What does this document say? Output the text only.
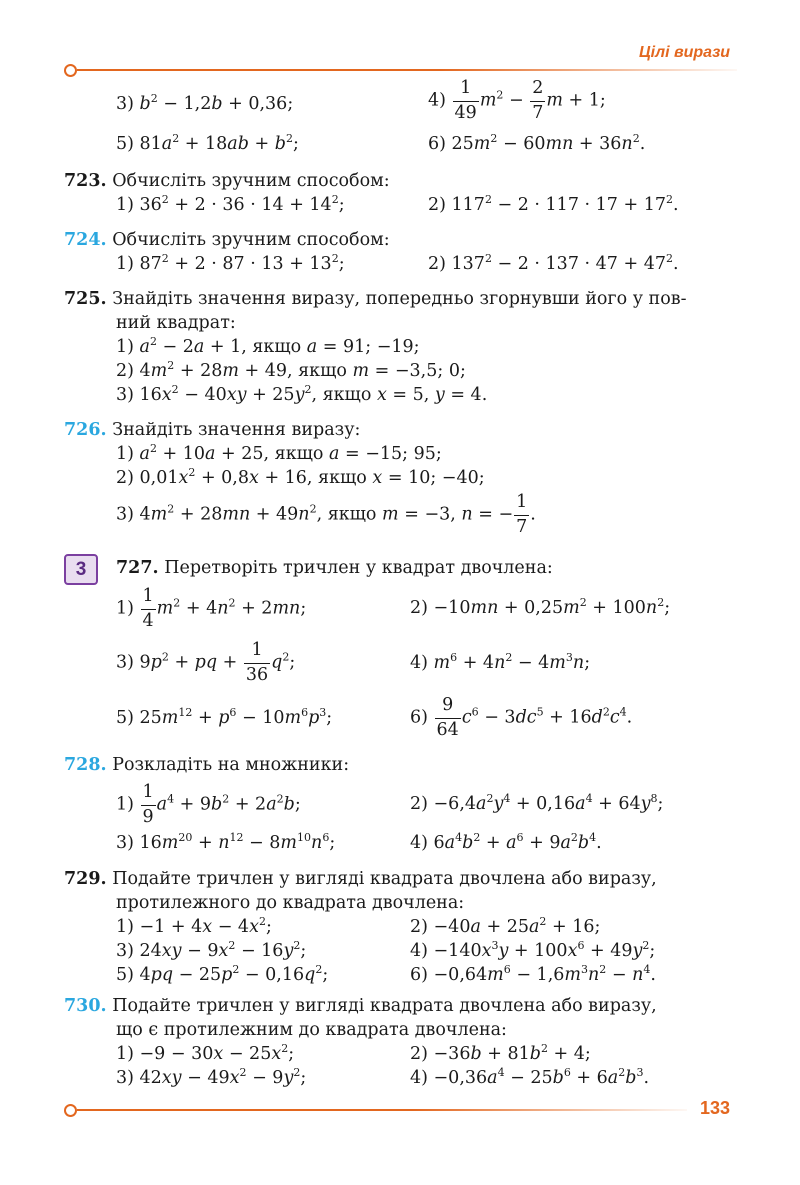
Цілі вирази
3) $b^2 - 1,2b + 0,36$;	$4) \frac{1}{49} m^2 - \frac{2}{7}$ m + 1;
5) $81a^2 + 18ab + b^2$;	6) $25m^2 - 60mn + 36n^2$.
723. Обчисліть зручним способом:
1) $36^2 + 2 \cdot 36 \cdot 14 + 14^2$;	2) $117^2 - 2 \cdot 117 \cdot 17 + 17^2$.
724. Обчисліть зручним способом:
1) $87^2 + 2 \cdot 87 \cdot 13 + 13^2$;	2) $137^2 - 2 \cdot 137 \cdot 47 + 47^2$.
725. Знайдіть значення виразу, попередньо згорнувши його у пов-
ний квадрат:
1) $a^2 - 2a + 1$, якщо a = 91; −19;
2) $4m^2 + 28m + 49$, якщо m = −3,5; 0;
3) $16x^2 - 40xy + 25y^2$, якщо x = 5, y = 4.
726. Знайдіть значення виразу:
1) $a^2 + 10a + 25$, якщо a = −15; 95;
2) $0,01x^2 + 0,8x + 16$, якщо x = 10; −40;
3) $4m^2 + 28mn + 49n^2$, якщо m = −3, n = − $\frac{1}{7}$ .
3	727. Перетворіть тричлен у квадрат двочлена:
$1) \frac{1}{4} m^2 + 4n^2 + 2mn$;	$2) -10mn + 0,25m^2 + 100n^2$;
3) $9p^2$ + pq + $\frac{1}{36} q^2$;	4) $m^6 + 4n^2 - 4m^3n$;
5) $25m^{12} + p^6 - 10m^6p^3$;	$6) \frac{9}{64} c^6 - 3dc^5 + 16d^2c^4$.
728. Розкладіть на множники:
$1) \frac{1}{9} a^4 + 9b^2 + 2a^2b$;	$2) -6,4a^2y^4 + 0,16a^4 + 64y^8$;
3) $16m^{20} + n^{12} - 8m^{10}n^6$;	4) $6a^4b^2 + a^6 + 9a^2b^4$.
729. Подайте тричлен у вигляді квадрата двочлена або виразу,
протилежного до квадрата двочлена:
$1) -1 + 4x - 4x^2$;	$2) -40a + 25a^2 + 16$;
3) $24xy - 9x^2 - 16y^2$;	$4) -140x^3y + 100x^6 + 49y^2$;
5) $4pq - 25p^2 - 0,16q^2$;	$6) -0,64m^6 - 1,6m^3n^2 - n^4$.
730. Подайте тричлен у вигляді квадрата двочлена або виразу,
що є протилежним до квадрата двочлена:
$1) -9 - 30x - 25x^2$;	$2) -36b + 81b^2 + 4$;
3) $42xy - 49x^2 - 9y^2$;	$4) -0,36a^4 - 25b^6 + 6a^2b^3$.
133
